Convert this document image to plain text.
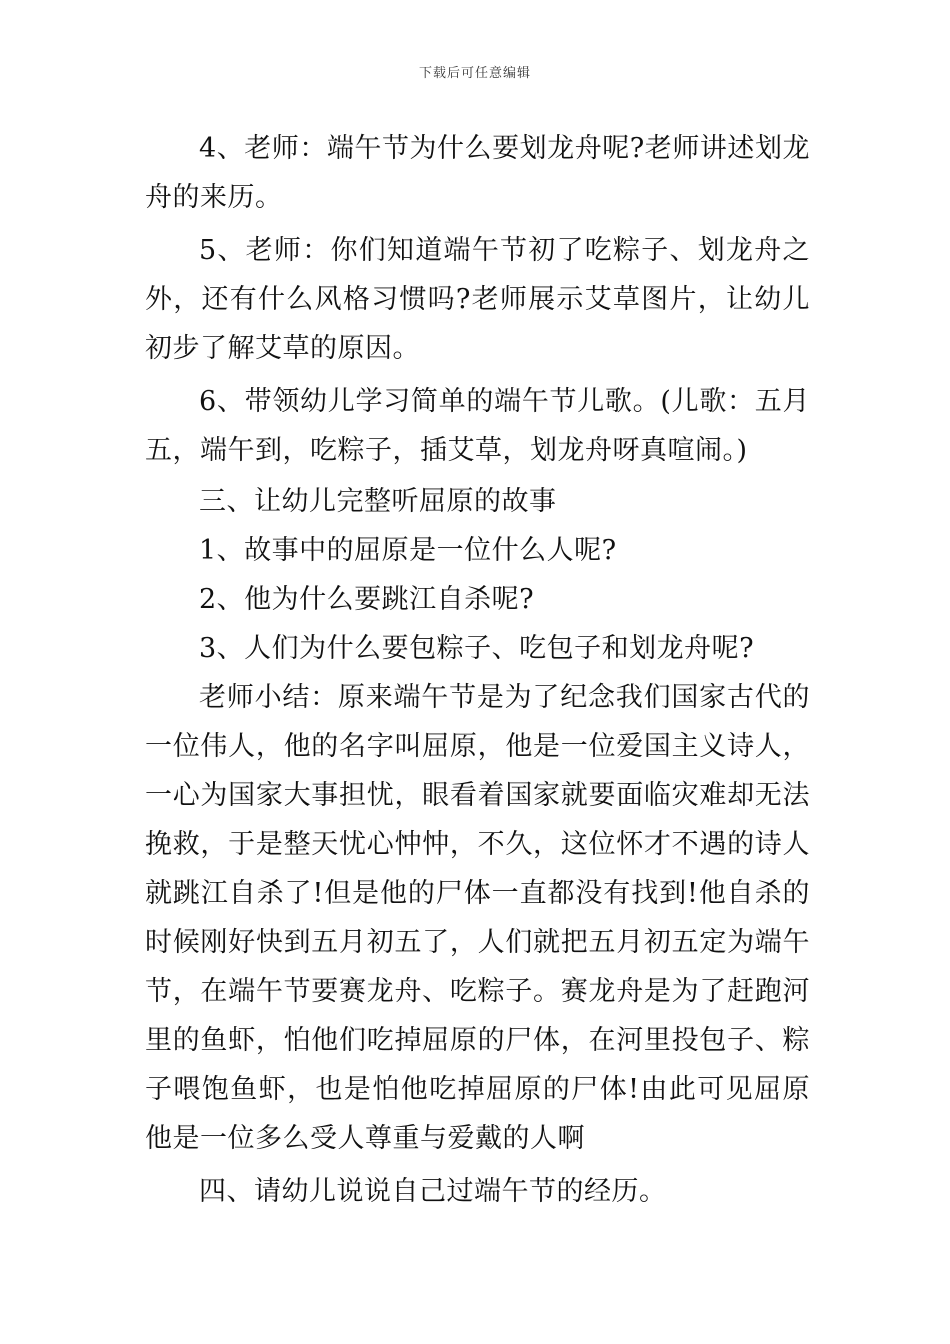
下载后可任意编辑

4、老师：端午节为什么要划龙舟呢?老师讲述划龙舟的来历。

5、老师：你们知道端午节初了吃粽子、划龙舟之外，还有什么风格习惯吗?老师展示艾草图片，让幼儿初步了解艾草的原因。

6、带领幼儿学习简单的端午节儿歌。(儿歌：五月五，端午到，吃粽子，插艾草，划龙舟呀真喧闹。)

三、让幼儿完整听屈原的故事

1、故事中的屈原是一位什么人呢?

2、他为什么要跳江自杀呢?

3、人们为什么要包粽子、吃包子和划龙舟呢?

老师小结：原来端午节是为了纪念我们国家古代的一位伟人，他的名字叫屈原，他是一位爱国主义诗人，一心为国家大事担忧，眼看着国家就要面临灾难却无法挽救，于是整天忧心忡忡，不久，这位怀才不遇的诗人就跳江自杀了!但是他的尸体一直都没有找到!他自杀的时候刚好快到五月初五了，人们就把五月初五定为端午节，在端午节要赛龙舟、吃粽子。赛龙舟是为了赶跑河里的鱼虾，怕他们吃掉屈原的尸体，在河里投包子、粽子喂饱鱼虾，也是怕他吃掉屈原的尸体!由此可见屈原他是一位多么受人尊重与爱戴的人啊

四、请幼儿说说自己过端午节的经历。
